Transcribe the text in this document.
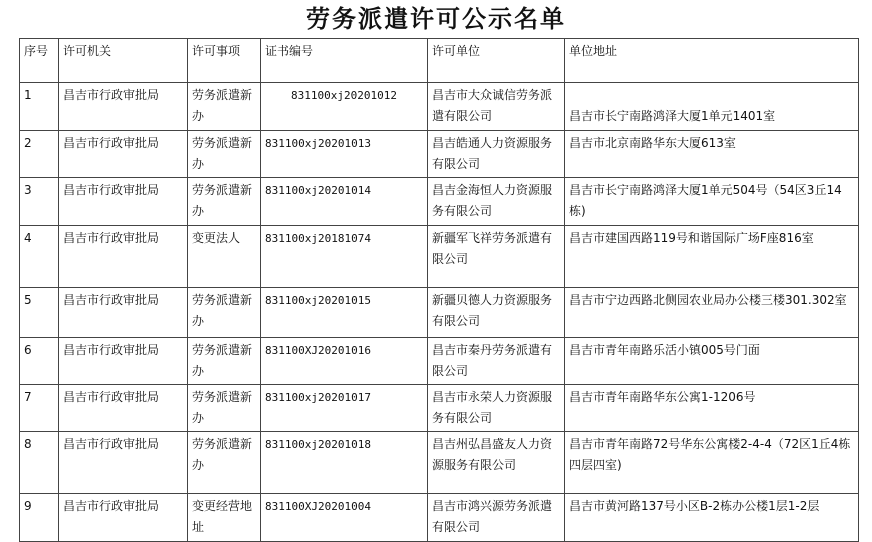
劳务派遣许可公示名单
序号	许可机关	许可事项	证书编号	许可单位	单位地址
1	昌吉市行政审批局	劳务派遣新办	831100xj20201012	昌吉市大众诚信劳务派遣有限公司	昌吉市长宁南路鸿泽大厦1单元1401室
2	昌吉市行政审批局	劳务派遣新办	831100xj20201013	昌吉皓通人力资源服务有限公司	昌吉市北京南路华东大厦613室
3	昌吉市行政审批局	劳务派遣新办	831100xj20201014	昌吉金海恒人力资源服务有限公司	昌吉市长宁南路鸿泽大厦1单元504号（54区3丘14栋)
4	昌吉市行政审批局	变更法人	831100xj20181074	新疆军飞祥劳务派遣有限公司	昌吉市建国西路119号和谐国际广场F座816室
5	昌吉市行政审批局	劳务派遣新办	831100xj20201015	新疆贝德人力资源服务有限公司	昌吉市宁边西路北侧园农业局办公楼三楼301.302室
6	昌吉市行政审批局	劳务派遣新办	831100XJ20201016	昌吉市秦丹劳务派遣有限公司	昌吉市青年南路乐活小镇005号门面
7	昌吉市行政审批局	劳务派遣新办	831100xj20201017	昌吉市永荣人力资源服务有限公司	昌吉市青年南路华东公寓1-1206号
8	昌吉市行政审批局	劳务派遣新办	831100xj20201018	昌吉州弘昌盛友人力资源服务有限公司	昌吉市青年南路72号华东公寓楼2-4-4（72区1丘4栋四层四室)
9	昌吉市行政审批局	变更经营地址	831100XJ20201004	昌吉市鸿兴源劳务派遣有限公司	昌吉市黄河路137号小区B-2栋办公楼1层1-2层
